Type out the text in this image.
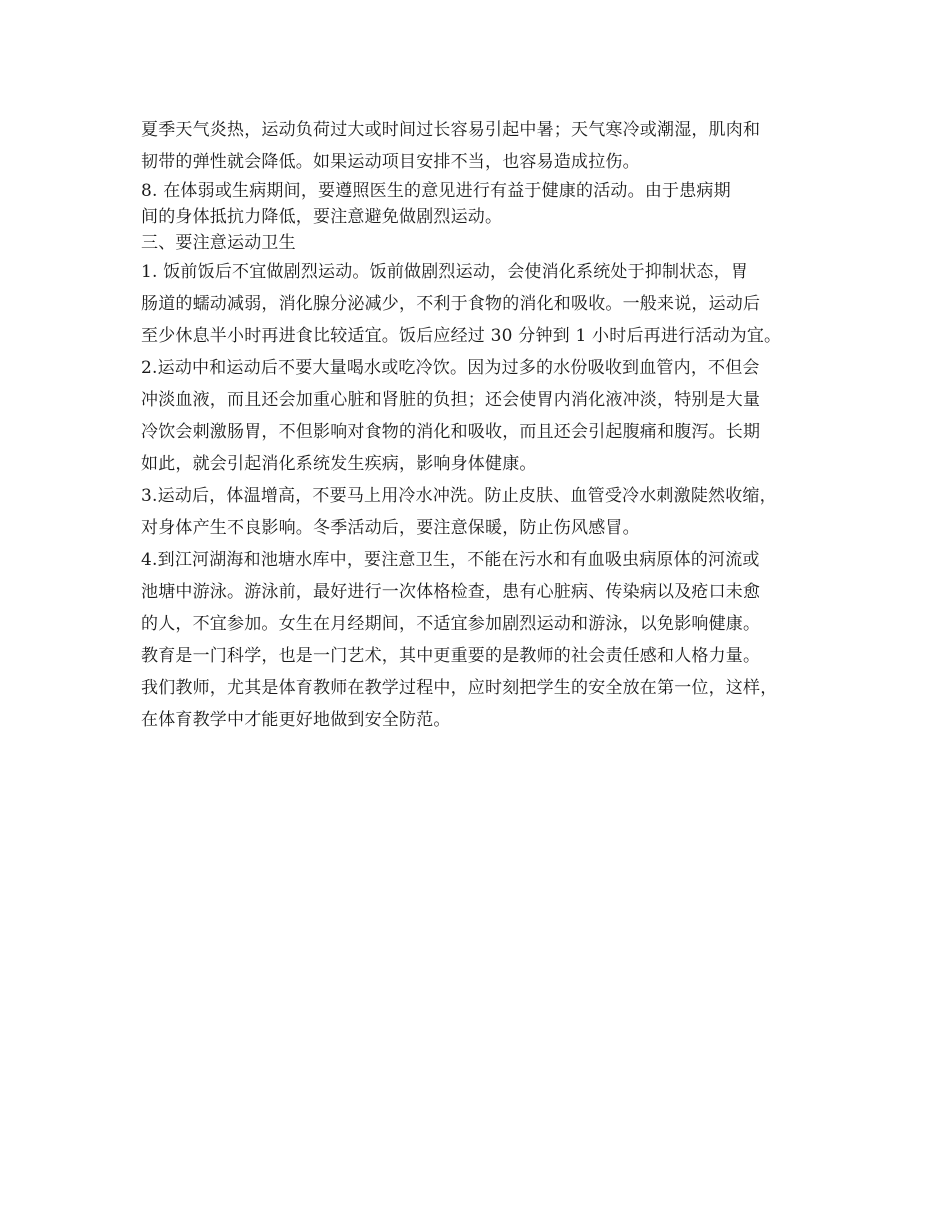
夏季天气炎热，运动负荷过大或时间过长容易引起中暑；天气寒冷或潮湿，肌肉和
韧带的弹性就会降低。如果运动项目安排不当，也容易造成拉伤。
8. 在体弱或生病期间，要遵照医生的意见进行有益于健康的活动。由于患病期
间的身体抵抗力降低，要注意避免做剧烈运动。
三、要注意运动卫生
1. 饭前饭后不宜做剧烈运动。饭前做剧烈运动，会使消化系统处于抑制状态，胃
肠道的蠕动减弱，消化腺分泌减少，不利于食物的消化和吸收。一般来说，运动后
至少休息半小时再进食比较适宜。饭后应经过 30 分钟到 1 小时后再进行活动为宜。
2.运动中和运动后不要大量喝水或吃冷饮。因为过多的水份吸收到血管内，不但会
冲淡血液，而且还会加重心脏和肾脏的负担；还会使胃内消化液冲淡，特别是大量
冷饮会刺激肠胃，不但影响对食物的消化和吸收，而且还会引起腹痛和腹泻。长期
如此，就会引起消化系统发生疾病，影响身体健康。
3.运动后，体温增高，不要马上用冷水冲洗。防止皮肤、血管受冷水刺激陡然收缩，
对身体产生不良影响。冬季活动后，要注意保暖，防止伤风感冒。
4.到江河湖海和池塘水库中，要注意卫生，不能在污水和有血吸虫病原体的河流或
池塘中游泳。游泳前，最好进行一次体格检查，患有心脏病、传染病以及疮口未愈
的人，不宜参加。女生在月经期间，不适宜参加剧烈运动和游泳，以免影响健康。
教育是一门科学，也是一门艺术，其中更重要的是教师的社会责任感和人格力量。
我们教师，尤其是体育教师在教学过程中，应时刻把学生的安全放在第一位，这样，
在体育教学中才能更好地做到安全防范。
